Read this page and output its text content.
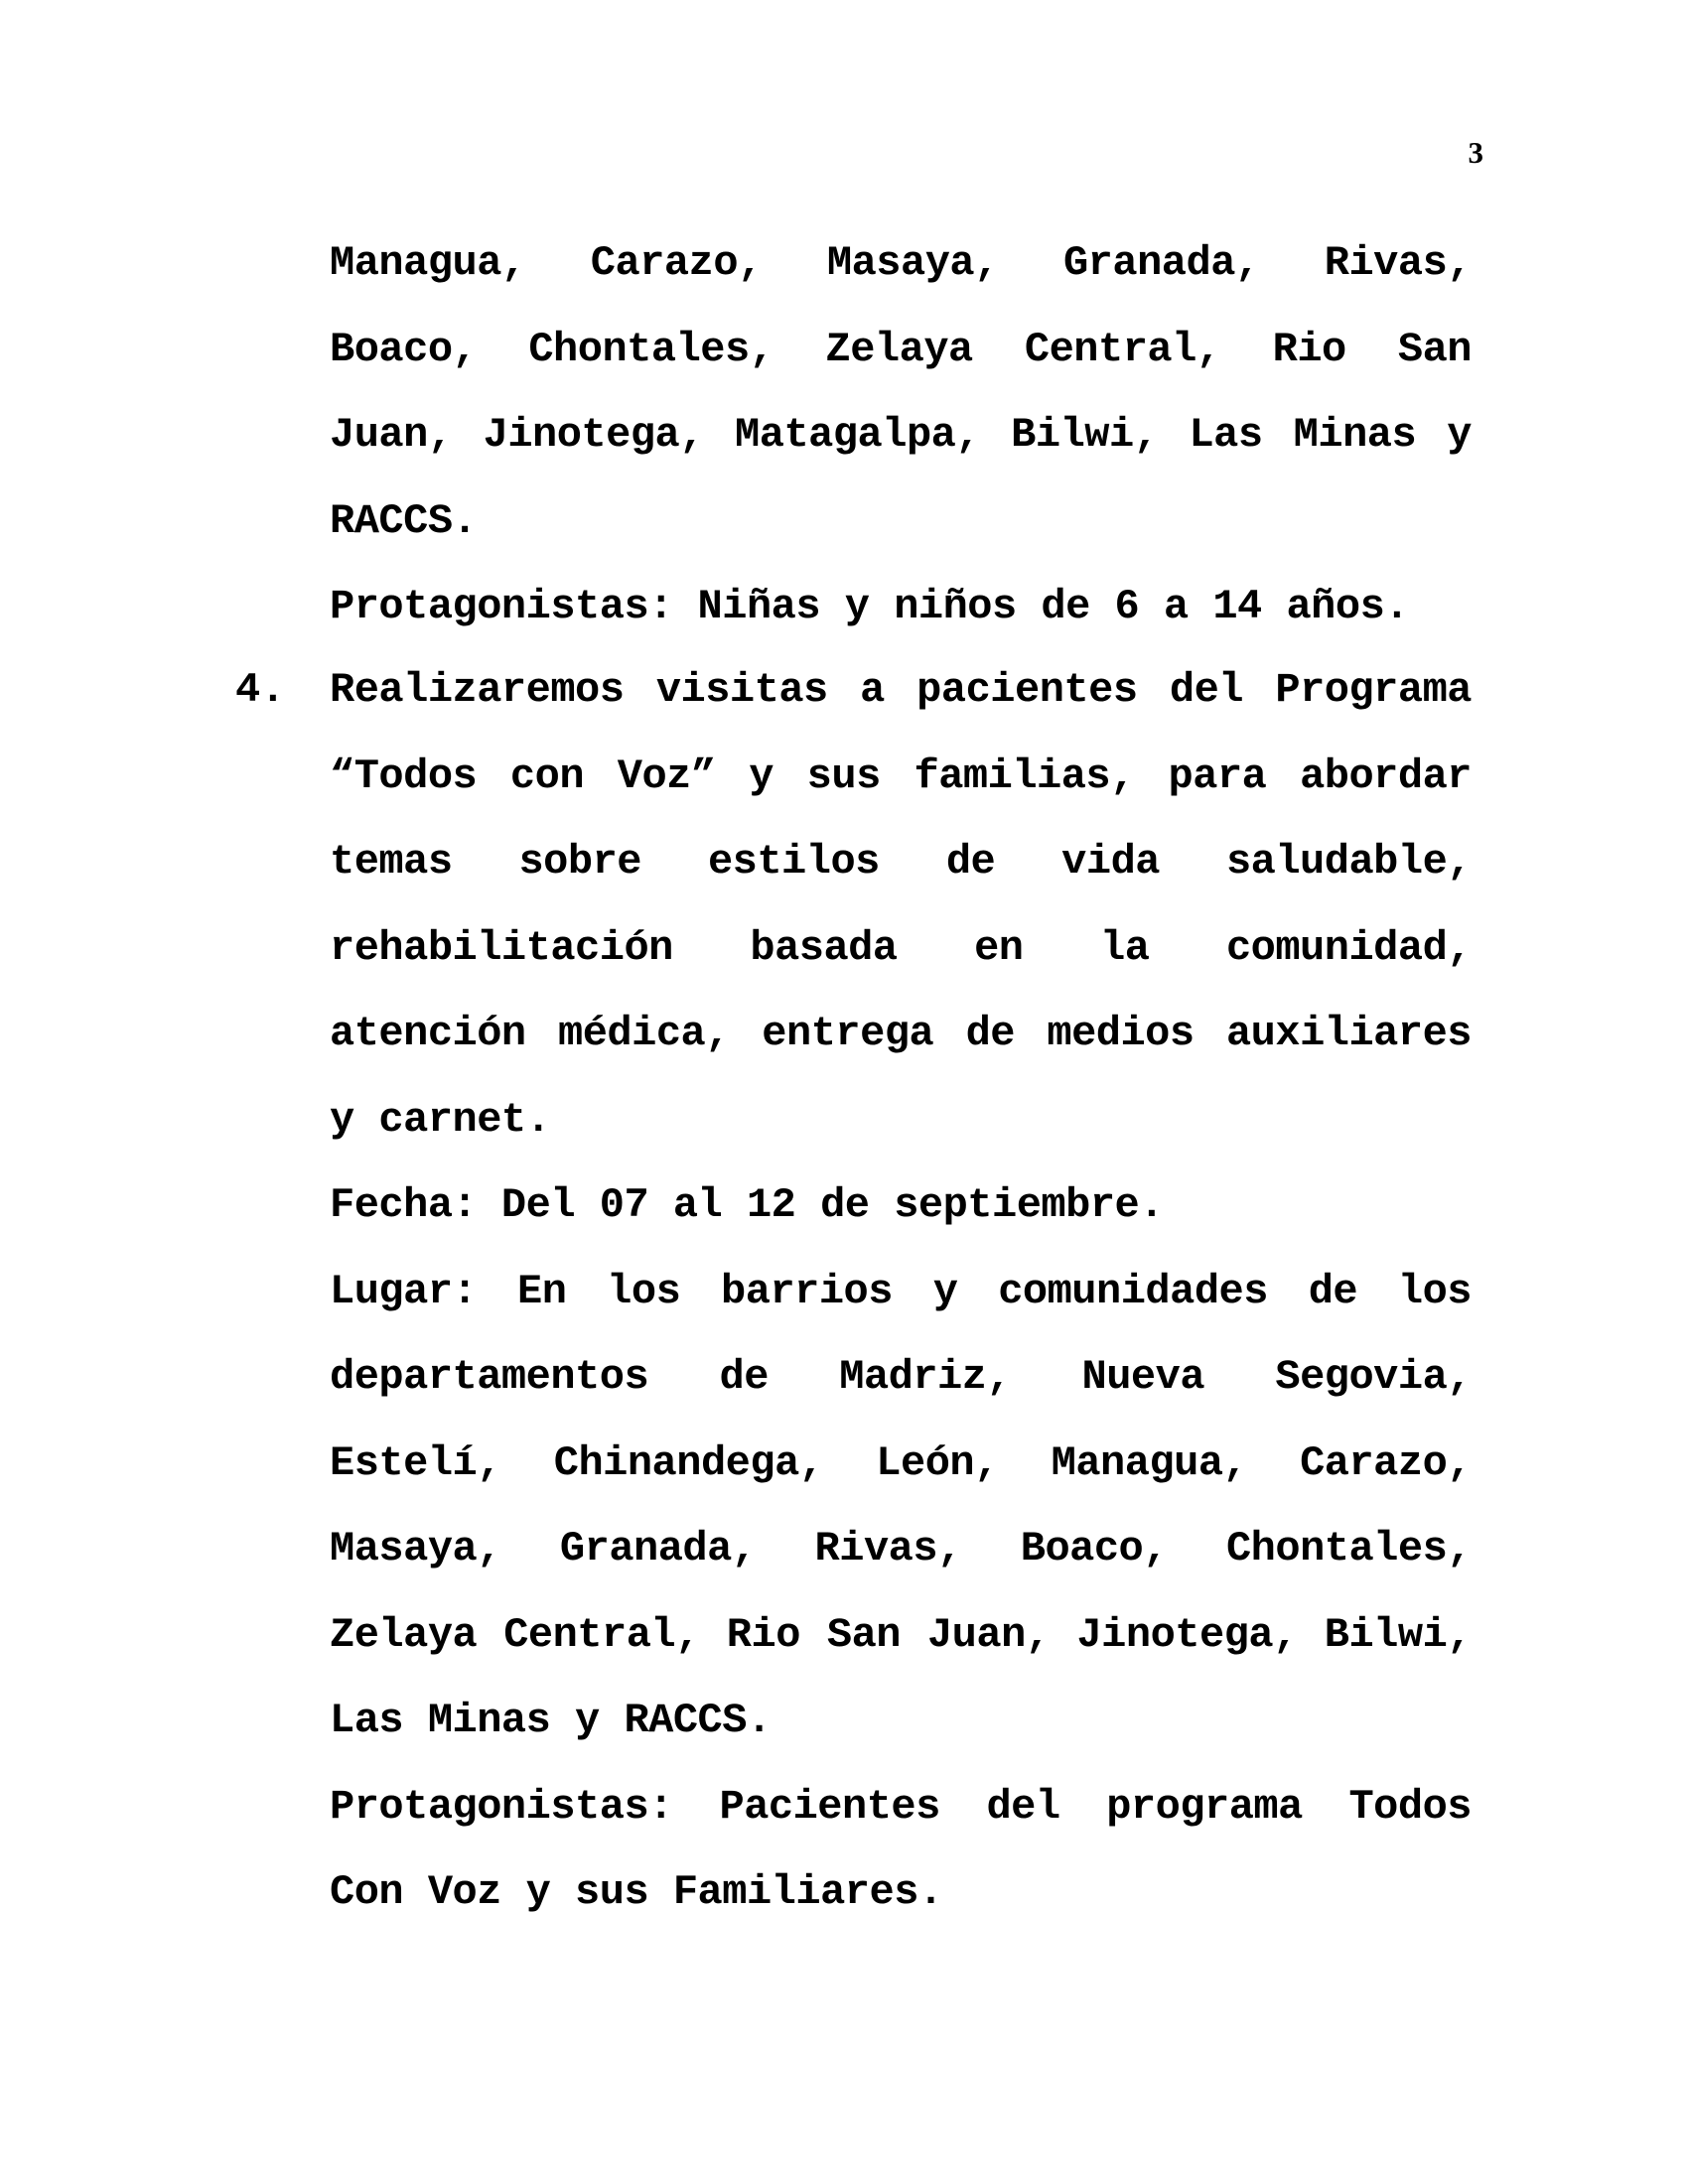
3

Managua, Carazo, Masaya, Granada, Rivas, Boaco, Chontales, Zelaya Central, Rio San Juan, Jinotega, Matagalpa, Bilwi, Las Minas y RACCS.

Protagonistas: Niñas y niños de 6 a 14 años.

4. Realizaremos visitas a pacientes del Programa “Todos con Voz” y sus familias, para abordar temas sobre estilos de vida saludable, rehabilitación basada en la comunidad, atención médica, entrega de medios auxiliares y carnet.

Fecha: Del 07 al 12 de septiembre.

Lugar: En los barrios y comunidades de los departamentos de Madriz, Nueva Segovia, Estelí, Chinandega, León, Managua, Carazo, Masaya, Granada, Rivas, Boaco, Chontales, Zelaya Central, Rio San Juan, Jinotega, Bilwi, Las Minas y RACCS.

Protagonistas: Pacientes del programa Todos Con Voz y sus Familiares.
